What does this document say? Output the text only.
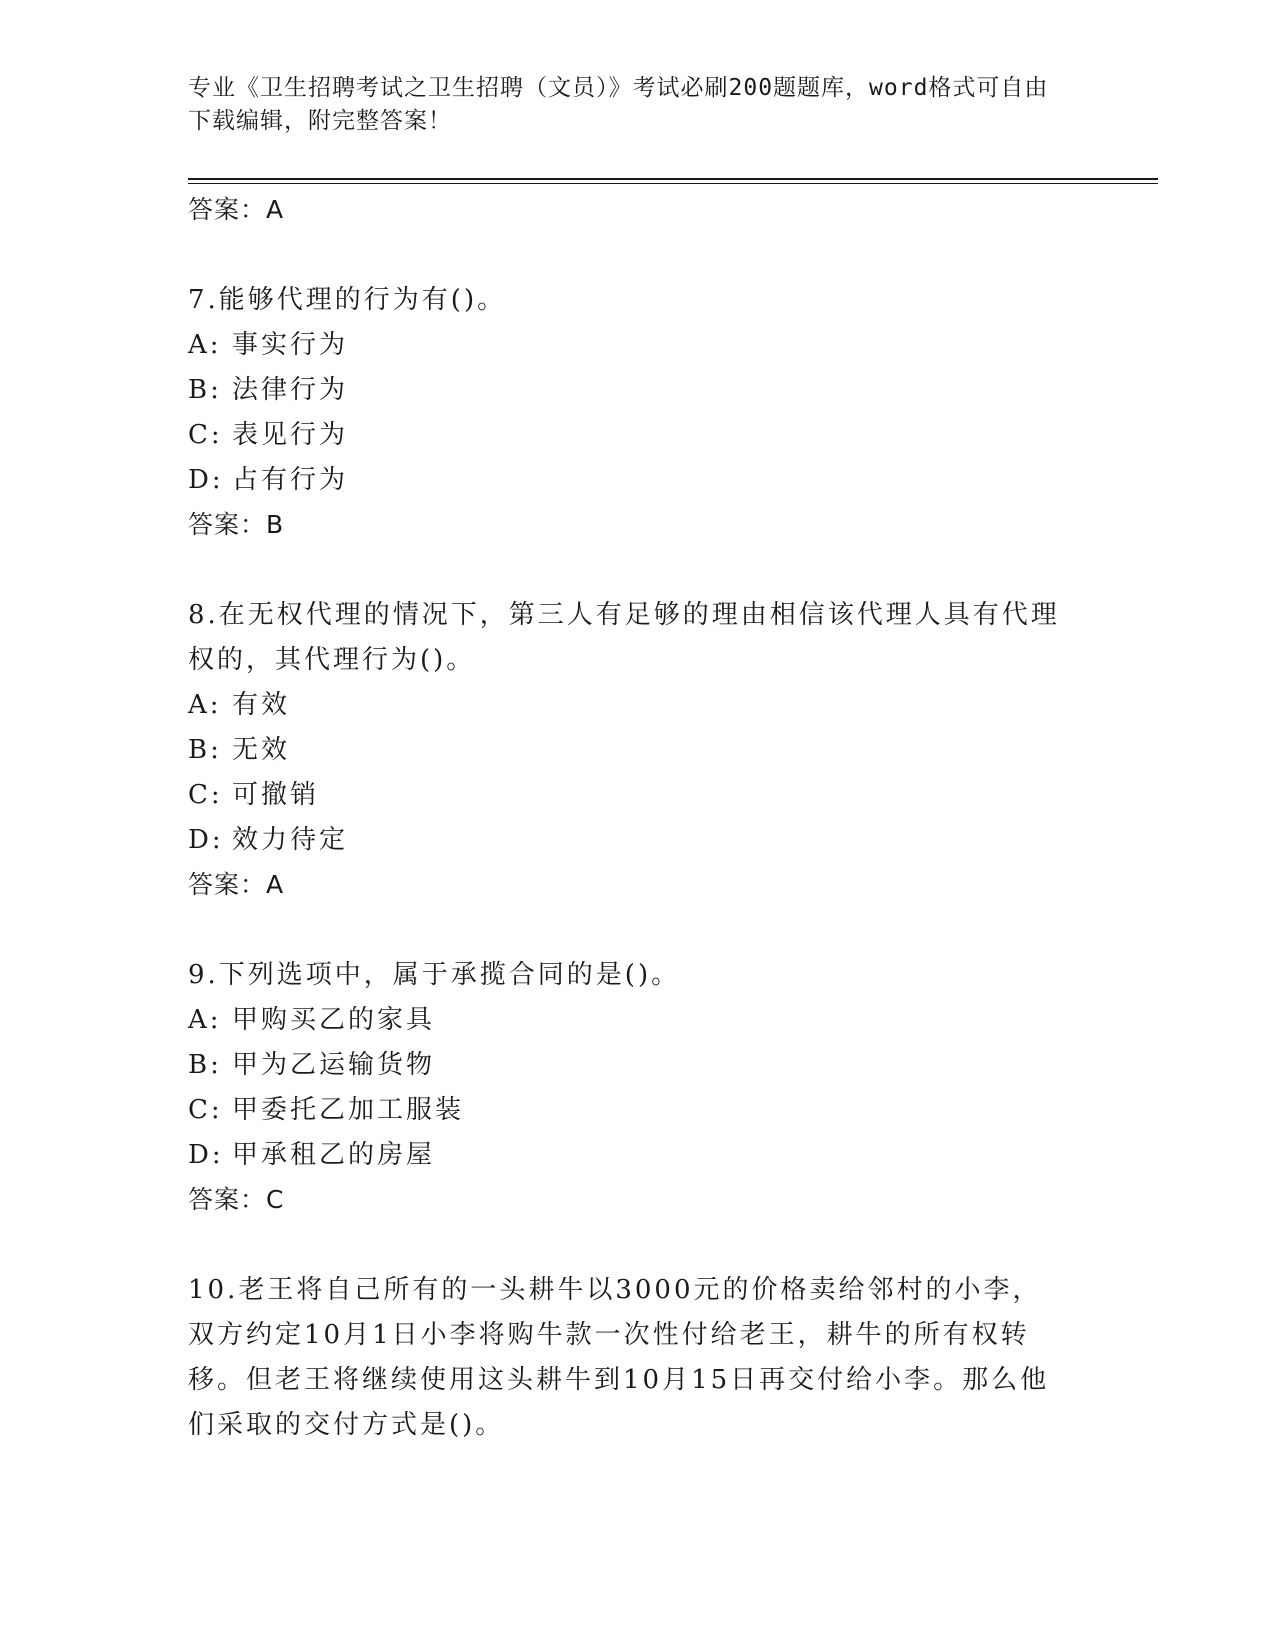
专业《卫生招聘考试之卫生招聘（文员）》考试必刷200题题库，word格式可自由下载编辑，附完整答案！
答案：A
7.能够代理的行为有()。
A: 事实行为
B: 法律行为
C: 表见行为
D: 占有行为
答案：B
8.在无权代理的情况下，第三人有足够的理由相信该代理人具有代理权的，其代理行为()。
A: 有效
B: 无效
C: 可撤销
D: 效力待定
答案：A
9.下列选项中，属于承揽合同的是()。
A: 甲购买乙的家具
B: 甲为乙运输货物
C: 甲委托乙加工服装
D: 甲承租乙的房屋
答案：C
10.老王将自己所有的一头耕牛以3000元的价格卖给邻村的小李，双方约定10月1日小李将购牛款一次性付给老王，耕牛的所有权转移。但老王将继续使用这头耕牛到10月15日再交付给小李。那么他们采取的交付方式是()。
